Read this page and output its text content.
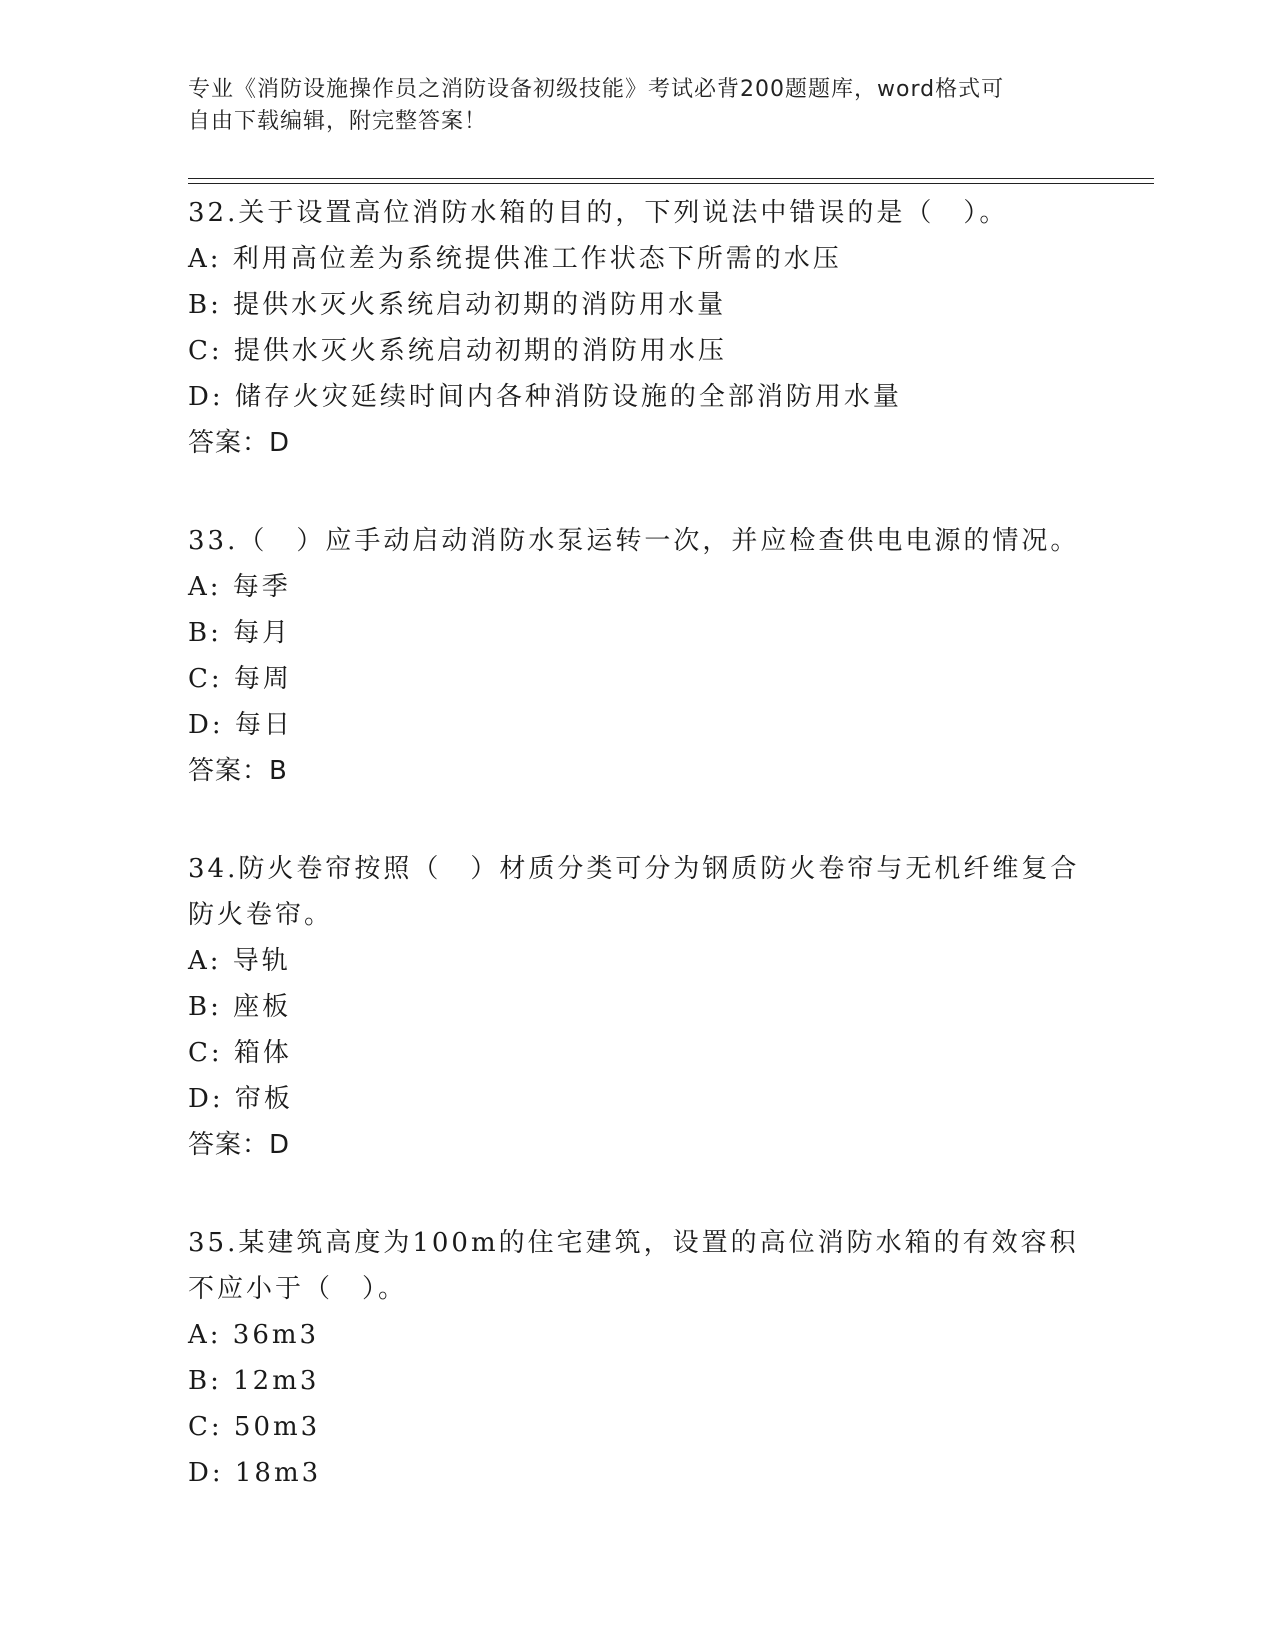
专业《消防设施操作员之消防设备初级技能》考试必背200题题库，word格式可
自由下载编辑，附完整答案！
32.关于设置高位消防水箱的目的，下列说法中错误的是（　）。
A: 利用高位差为系统提供准工作状态下所需的水压
B: 提供水灭火系统启动初期的消防用水量
C: 提供水灭火系统启动初期的消防用水压
D: 储存火灾延续时间内各种消防设施的全部消防用水量
答案：D
33.（　）应手动启动消防水泵运转一次，并应检查供电电源的情况。
A: 每季
B: 每月
C: 每周
D: 每日
答案：B
34.防火卷帘按照（　）材质分类可分为钢质防火卷帘与无机纤维复合防火卷帘。
A: 导轨
B: 座板
C: 箱体
D: 帘板
答案：D
35.某建筑高度为100m的住宅建筑，设置的高位消防水箱的有效容积不应小于（　）。
A: 36m3
B: 12m3
C: 50m3
D: 18m3
